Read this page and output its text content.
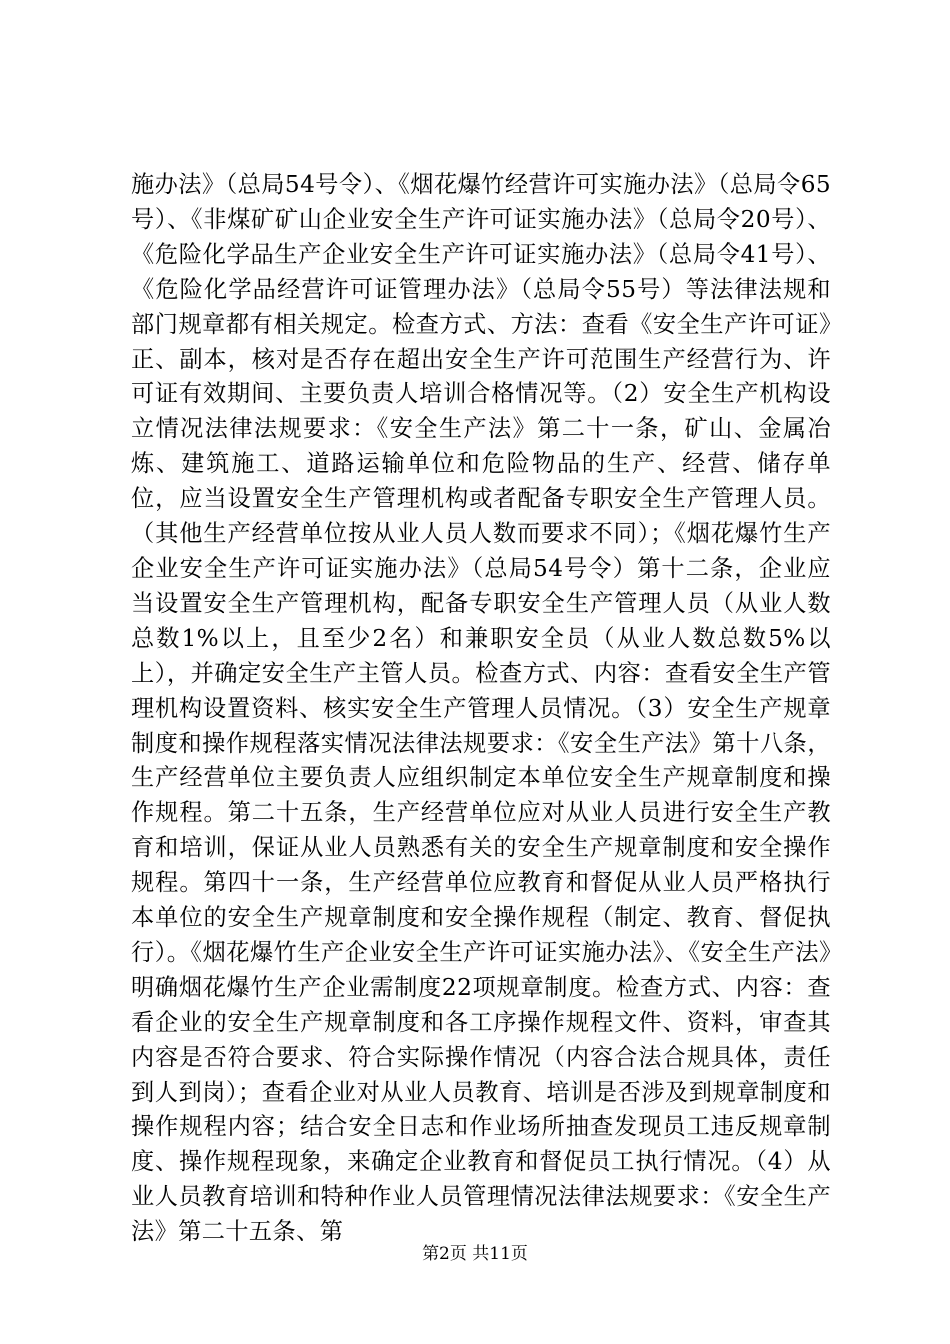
施办法》（总局54号令）、《烟花爆竹经营许可实施办法》（总局令65号）、《非煤矿矿山企业安全生产许可证实施办法》（总局令20号）、《危险化学品生产企业安全生产许可证实施办法》（总局令41号）、《危险化学品经营许可证管理办法》（总局令55号）等法律法规和部门规章都有相关规定。检查方式、方法：查看《安全生产许可证》正、副本，核对是否存在超出安全生产许可范围生产经营行为、许可证有效期间、主要负责人培训合格情况等。（2）安全生产机构设立情况法律法规要求：《安全生产法》第二十一条，矿山、金属冶炼、建筑施工、道路运输单位和危险物品的生产、经营、储存单位，应当设置安全生产管理机构或者配备专职安全生产管理人员。（其他生产经营单位按从业人员人数而要求不同）；《烟花爆竹生产企业安全生产许可证实施办法》（总局54号令）第十二条，企业应当设置安全生产管理机构，配备专职安全生产管理人员（从业人数总数1%以上，且至少2名）和兼职安全员（从业人数总数5%以上），并确定安全生产主管人员。检查方式、内容：查看安全生产管理机构设置资料、核实安全生产管理人员情况。（3）安全生产规章制度和操作规程落实情况法律法规要求：《安全生产法》第十八条，生产经营单位主要负责人应组织制定本单位安全生产规章制度和操作规程。第二十五条，生产经营单位应对从业人员进行安全生产教育和培训，保证从业人员熟悉有关的安全生产规章制度和安全操作规程。第四十一条，生产经营单位应教育和督促从业人员严格执行本单位的安全生产规章制度和安全操作规程（制定、教育、督促执行）。《烟花爆竹生产企业安全生产许可证实施办法》、《安全生产法》明确烟花爆竹生产企业需制度22项规章制度。检查方式、内容：查看企业的安全生产规章制度和各工序操作规程文件、资料，审查其内容是否符合要求、符合实际操作情况（内容合法合规具体，责任到人到岗）；查看企业对从业人员教育、培训是否涉及到规章制度和操作规程内容；结合安全日志和作业场所抽查发现员工违反规章制度、操作规程现象，来确定企业教育和督促员工执行情况。（4）从业人员教育培训和特种作业人员管理情况法律法规要求：《安全生产法》第二十五条、第

第2页 共11页
